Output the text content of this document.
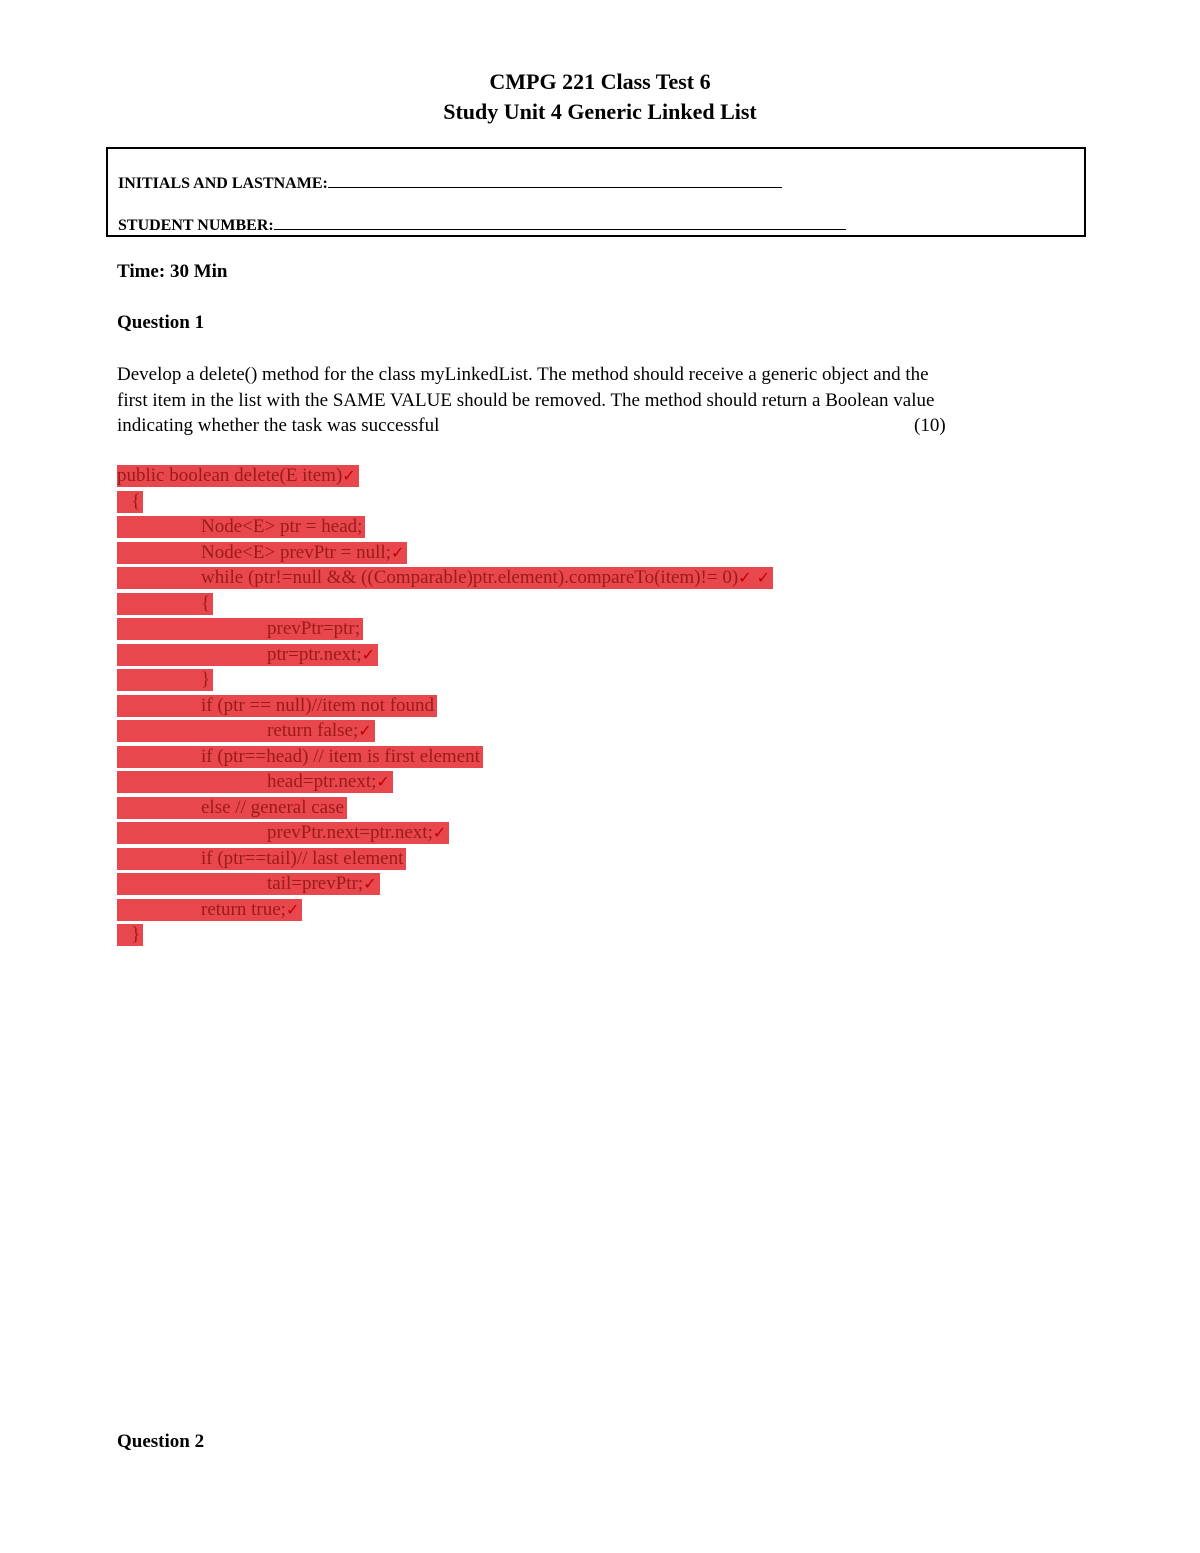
CMPG 221 Class Test 6
Study Unit 4 Generic Linked List
INITIALS AND LASTNAME:
STUDENT NUMBER:
Time: 30 Min
Question 1
Develop a delete() method for the class myLinkedList. The method should receive a generic object and the
first item in the list with the SAME VALUE should be removed. The method should return a Boolean value
indicating whether the task was successful	(10)
public boolean delete(E item)✓
{
Node<E> ptr = head;
Node<E> prevPtr = null;✓
while (ptr!=null && ((Comparable)ptr.element).compareTo(item)!= 0)✓ ✓
{
prevPtr=ptr;
ptr=ptr.next;✓
}
if (ptr == null)//item not found
return false;✓
if (ptr==head) // item is first element
head=ptr.next;✓
else // general case
prevPtr.next=ptr.next;✓
if (ptr==tail)// last element
tail=prevPtr;✓
return true;✓
}
Question 2
